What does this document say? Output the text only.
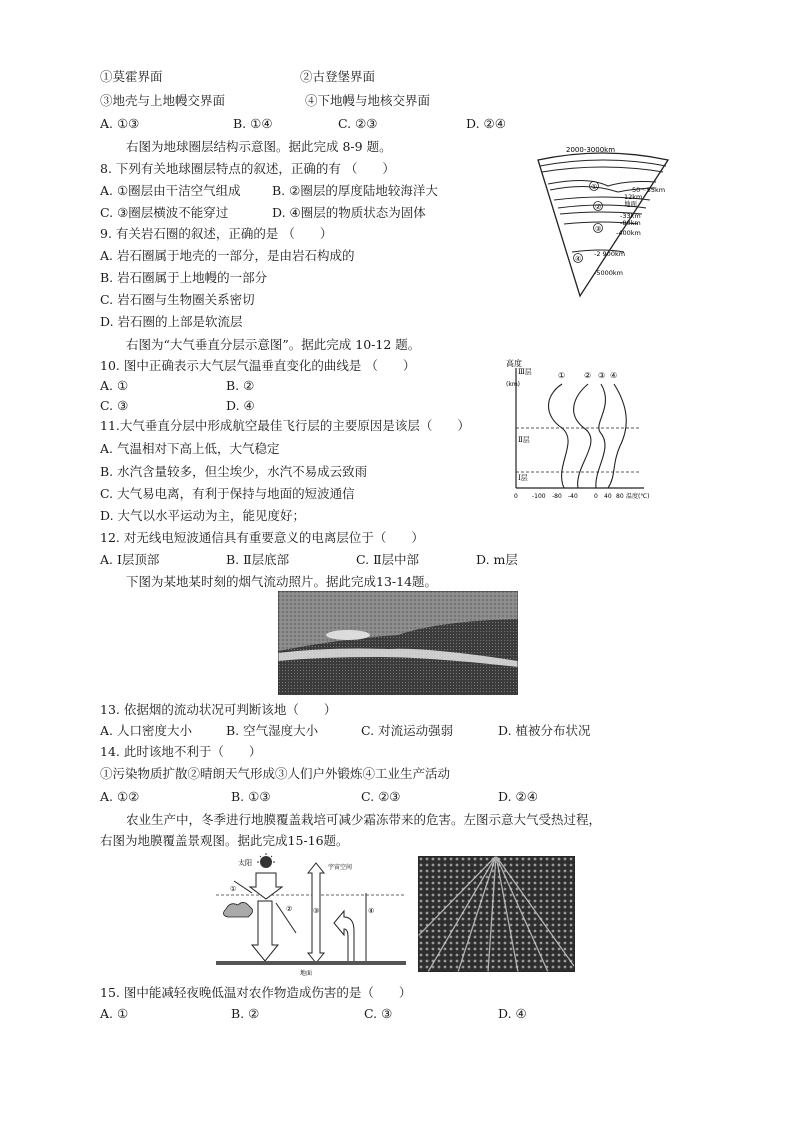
①莫霍界面	②古登堡界面
③地壳与上地幔交界面	④下地幔与地核交界面
A. ①③	B. ①④	C. ②③	D. ②④
右图为地球圈层结构示意图。据此完成 8-9 题。
8. 下列有关地球圈层特点的叙述，正确的有 （　　）
A. ①圈层由干洁空气组成	B. ②圈层的厚度陆地较海洋大
C. ③圈层横波不能穿过	D. ④圈层的物质状态为固体
9. 有关岩石圈的叙述，正确的是 （　　）
A. 岩石圈属于地壳的一部分，是由岩石构成的
B. 岩石圈属于上地幔的一部分
C. 岩石圈与生物圈关系密切
D. 岩石圈的上部是软流层
2000-3000km
①
②
③
④
50～55km
12km
地面
-33km
-80km
-400km
-2 900km
-5000km
右图为“大气垂直分层示意图”。据此完成 10-12 题。
10. 图中正确表示大气层气温垂直变化的曲线是 （　　）
A. ①	B. ②
C. ③	D. ④
11.大气垂直分层中形成航空最佳飞行层的主要原因是该层（　　）
A. 气温相对下高上低，大气稳定
B. 水汽含量较多，但尘埃少，水汽不易成云致雨
C. 大气易电离，有利于保持与地面的短波通信
D. 大气以水平运动为主，能见度好；
12. 对无线电短波通信具有重要意义的电离层位于（　　）
A. Ⅰ层顶部	B. Ⅱ层底部	C. Ⅱ层中部	D. m层
高度
(km)
Ⅲ层
Ⅱ层
Ⅰ层
① ② ③ ④
0 -100 -80 -40	0 40 80 温度(℃)
下图为某地某时刻的烟气流动照片。据此完成13-14题。
13. 依据烟的流动状况可判断该地（　　）
A. 人口密度大小	B. 空气湿度大小	C. 对流运动强弱	D. 植被分布状况
14. 此时该地不利于（　　）
①污染物质扩散②晴朗天气形成③人们户外锻炼④工业生产活动
A. ①②	B. ①③	C. ②③	D. ②④
农业生产中，冬季进行地膜覆盖栽培可减少霜冻带来的危害。左图示意大气受热过程，
右图为地膜覆盖景观图。据此完成15-16题。
太阳
宇宙空间
①
③
②	④
地面
15. 图中能减轻夜晚低温对农作物造成伤害的是（　　）
A. ①	B. ②	C. ③	D. ④
